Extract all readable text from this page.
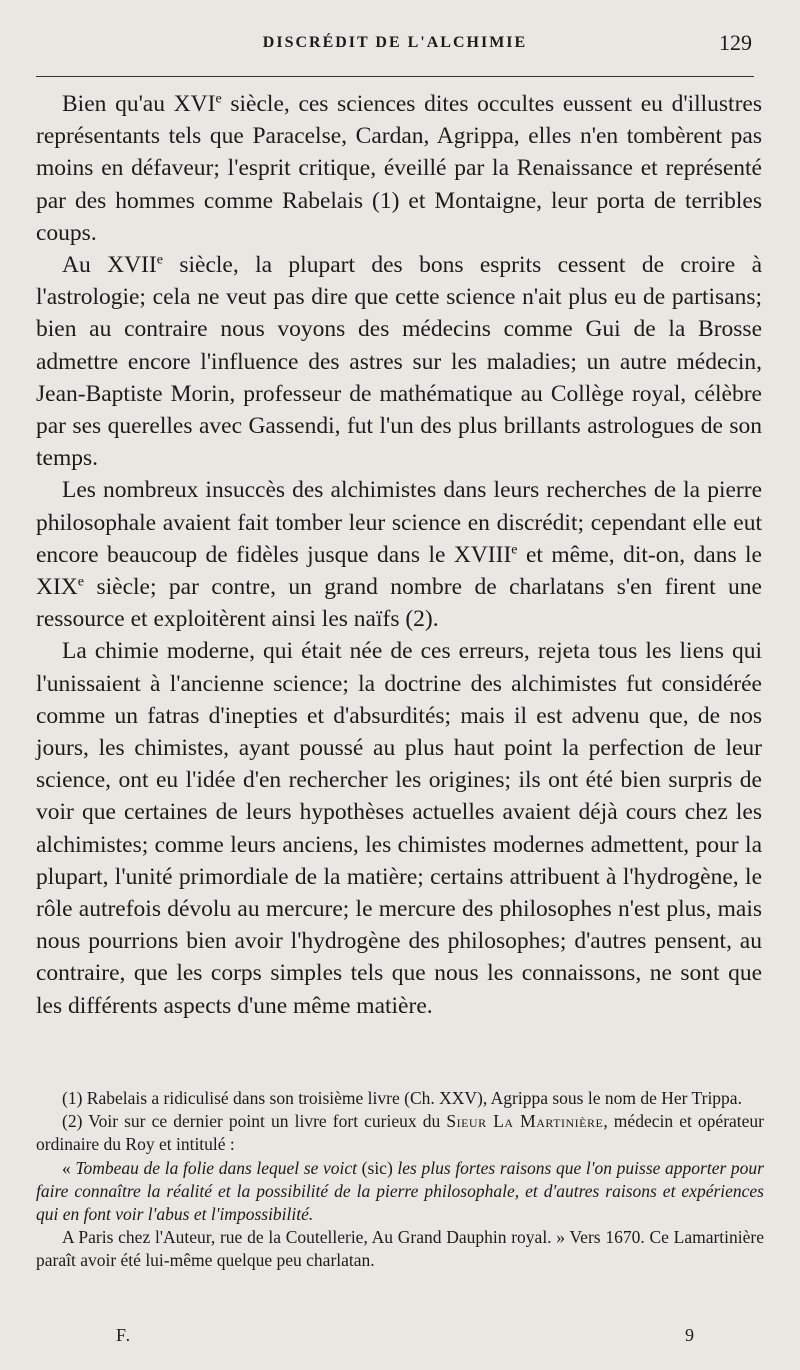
DISCRÉDIT DE L'ALCHIMIE	129

Bien qu'au XVIe siècle, ces sciences dites occultes eussent eu d'illustres représentants tels que Paracelse, Cardan, Agrippa, elles n'en tombèrent pas moins en défaveur; l'esprit critique, éveillé par la Renaissance et représenté par des hommes comme Rabelais (1) et Montaigne, leur porta de terribles coups.

Au XVIIe siècle, la plupart des bons esprits cessent de croire à l'astrologie; cela ne veut pas dire que cette science n'ait plus eu de partisans; bien au contraire nous voyons des médecins comme Gui de la Brosse admettre encore l'influence des astres sur les maladies; un autre médecin, Jean-Baptiste Morin, professeur de mathématique au Collège royal, célèbre par ses querelles avec Gassendi, fut l'un des plus brillants astrologues de son temps.

Les nombreux insuccès des alchimistes dans leurs recherches de la pierre philosophale avaient fait tomber leur science en discrédit; cependant elle eut encore beaucoup de fidèles jusque dans le XVIIIe et même, dit-on, dans le XIXe siècle; par contre, un grand nombre de charlatans s'en firent une ressource et exploitèrent ainsi les naïfs (2).

La chimie moderne, qui était née de ces erreurs, rejeta tous les liens qui l'unissaient à l'ancienne science; la doctrine des alchimistes fut considérée comme un fatras d'inepties et d'absurdités; mais il est advenu que, de nos jours, les chimistes, ayant poussé au plus haut point la perfection de leur science, ont eu l'idée d'en rechercher les origines; ils ont été bien surpris de voir que certaines de leurs hypothèses actuelles avaient déjà cours chez les alchimistes; comme leurs anciens, les chimistes modernes admettent, pour la plupart, l'unité primordiale de la matière; certains attribuent à l'hydrogène, le rôle autrefois dévolu au mercure; le mercure des philosophes n'est plus, mais nous pourrions bien avoir l'hydrogène des philosophes; d'autres pensent, au contraire, que les corps simples tels que nous les connaissons, ne sont que les différents aspects d'une même matière.

(1) Rabelais a ridiculisé dans son troisième livre (Ch. XXV), Agrippa sous le nom de Her Trippa.

(2) Voir sur ce dernier point un livre fort curieux du Sieur La Martinière, médecin et opérateur ordinaire du Roy et intitulé :

« Tombeau de la folie dans lequel se voict (sic) les plus fortes raisons que l'on puisse apporter pour faire connaître la réalité et la possibilité de la pierre philosophale, et d'autres raisons et expériences qui en font voir l'abus et l'impossibilité.

A Paris chez l'Auteur, rue de la Coutellerie, Au Grand Dauphin royal. » Vers 1670. Ce Lamartinière paraît avoir été lui-même quelque peu charlatan.

F.	9
